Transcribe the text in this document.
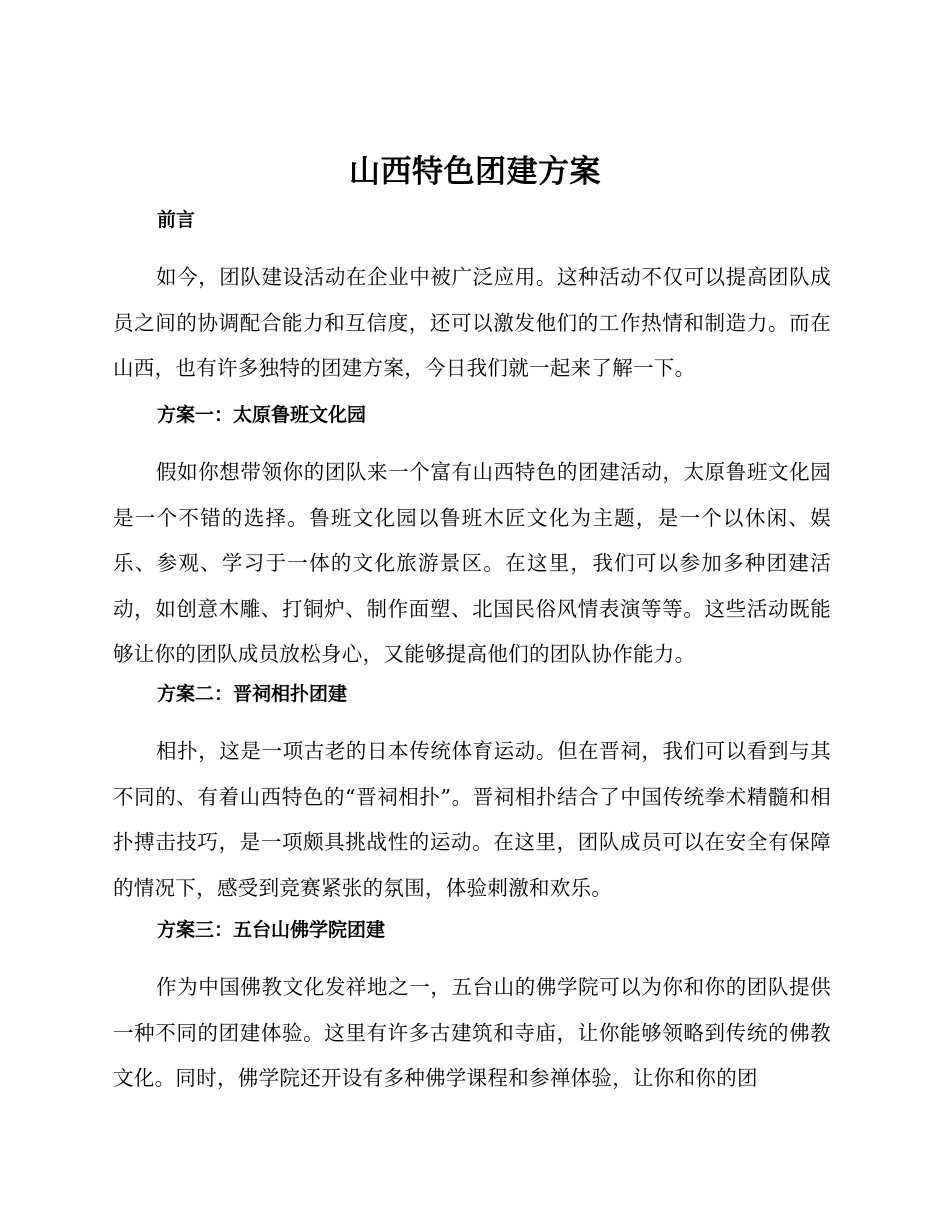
山西特色团建方案
前言

如今，团队建设活动在企业中被广泛应用。这种活动不仅可以提高团队成员之间的协调配合能力和互信度，还可以激发他们的工作热情和制造力。而在山西，也有许多独特的团建方案，今日我们就一起来了解一下。

方案一：太原鲁班文化园

假如你想带领你的团队来一个富有山西特色的团建活动，太原鲁班文化园是一个不错的选择。鲁班文化园以鲁班木匠文化为主题，是一个以休闲、娱乐、参观、学习于一体的文化旅游景区。在这里，我们可以参加多种团建活动，如创意木雕、打铜炉、制作面塑、北国民俗风情表演等等。这些活动既能够让你的团队成员放松身心，又能够提高他们的团队协作能力。

方案二：晋祠相扑团建

相扑，这是一项古老的日本传统体育运动。但在晋祠，我们可以看到与其不同的、有着山西特色的“晋祠相扑”。晋祠相扑结合了中国传统拳术精髓和相扑搏击技巧，是一项颇具挑战性的运动。在这里，团队成员可以在安全有保障的情况下，感受到竞赛紧张的氛围，体验刺激和欢乐。

方案三：五台山佛学院团建

作为中国佛教文化发祥地之一，五台山的佛学院可以为你和你的团队提供一种不同的团建体验。这里有许多古建筑和寺庙，让你能够领略到传统的佛教文化。同时，佛学院还开设有多种佛学课程和参禅体验，让你和你的团
